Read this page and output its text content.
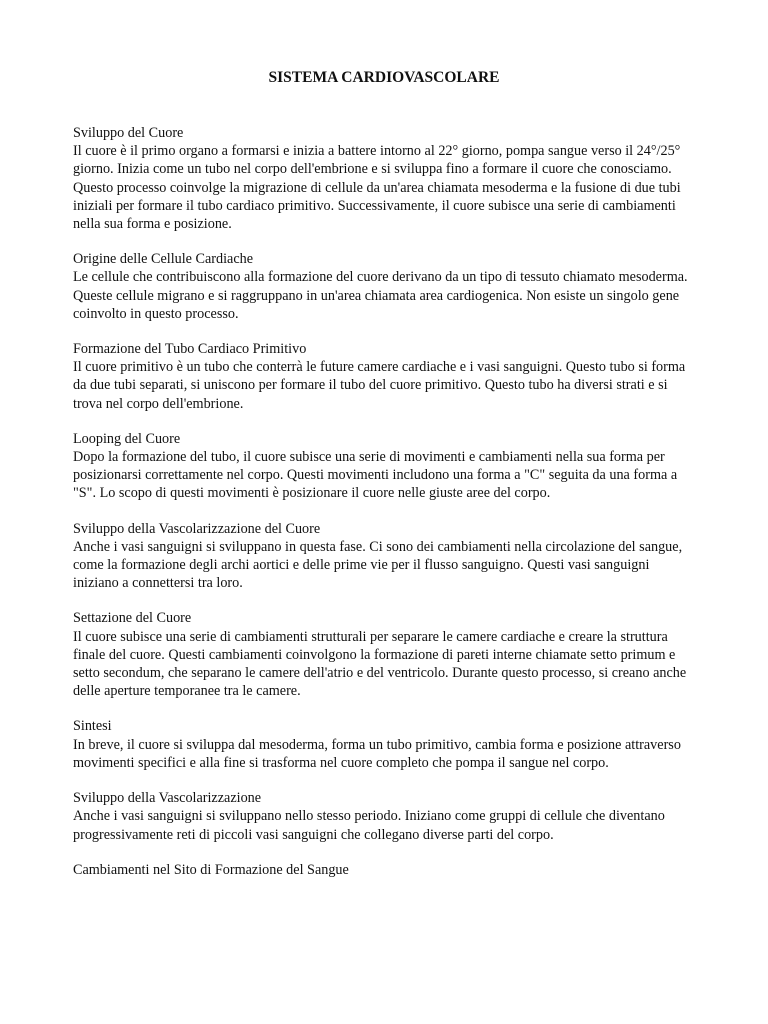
SISTEMA CARDIOVASCOLARE

Sviluppo del Cuore

Il cuore è il primo organo a formarsi e inizia a battere intorno al 22° giorno, pompa sangue verso il 24°/25° giorno. Inizia come un tubo nel corpo dell'embrione e si sviluppa fino a formare il cuore che conosciamo. Questo processo coinvolge la migrazione di cellule da un'area chiamata mesoderma e la fusione di due tubi iniziali per formare il tubo cardiaco primitivo. Successivamente, il cuore subisce una serie di cambiamenti nella sua forma e posizione.

Origine delle Cellule Cardiache

Le cellule che contribuiscono alla formazione del cuore derivano da un tipo di tessuto chiamato mesoderma. Queste cellule migrano e si raggruppano in un'area chiamata area cardiogenica. Non esiste un singolo gene coinvolto in questo processo.

Formazione del Tubo Cardiaco Primitivo

Il cuore primitivo è un tubo che conterrà le future camere cardiache e i vasi sanguigni. Questo tubo si forma da due tubi separati, si uniscono per formare il tubo del cuore primitivo. Questo tubo ha diversi strati e si trova nel corpo dell'embrione.

Looping del Cuore

Dopo la formazione del tubo, il cuore subisce una serie di movimenti e cambiamenti nella sua forma per posizionarsi correttamente nel corpo. Questi movimenti includono una forma a "C" seguita da una forma a "S". Lo scopo di questi movimenti è posizionare il cuore nelle giuste aree del corpo.

Sviluppo della Vascolarizzazione del Cuore

Anche i vasi sanguigni si sviluppano in questa fase. Ci sono dei cambiamenti nella circolazione del sangue, come la formazione degli archi aortici e delle prime vie per il flusso sanguigno. Questi vasi sanguigni iniziano a connettersi tra loro.

Settazione del Cuore

Il cuore subisce una serie di cambiamenti strutturali per separare le camere cardiache e creare la struttura finale del cuore. Questi cambiamenti coinvolgono la formazione di pareti interne chiamate setto primum e setto secondum, che separano le camere dell'atrio e del ventricolo. Durante questo processo, si creano anche delle aperture temporanee tra le camere.

Sintesi

In breve, il cuore si sviluppa dal mesoderma, forma un tubo primitivo, cambia forma e posizione attraverso movimenti specifici e alla fine si trasforma nel cuore completo che pompa il sangue nel corpo.

Sviluppo della Vascolarizzazione

Anche i vasi sanguigni si sviluppano nello stesso periodo. Iniziano come gruppi di cellule che diventano progressivamente reti di piccoli vasi sanguigni che collegano diverse parti del corpo.

Cambiamenti nel Sito di Formazione del Sangue
